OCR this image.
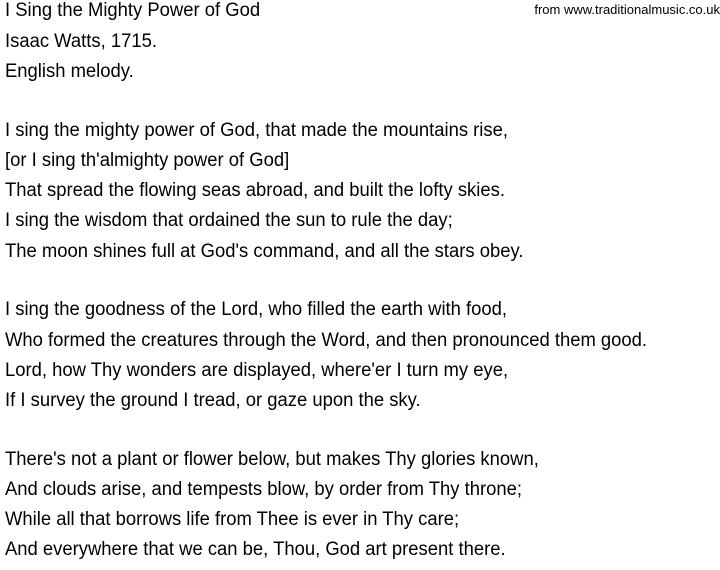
I Sing the Mighty Power of God	from www.traditionalmusic.co.uk
Isaac Watts, 1715.
English melody.
I sing the mighty power of God, that made the mountains rise,
[or I sing th'almighty power of God]
That spread the flowing seas abroad, and built the lofty skies.
I sing the wisdom that ordained the sun to rule the day;
The moon shines full at God's command, and all the stars obey.
I sing the goodness of the Lord, who filled the earth with food,
Who formed the creatures through the Word, and then pronounced them good.
Lord, how Thy wonders are displayed, where'er I turn my eye,
If I survey the ground I tread, or gaze upon the sky.
There's not a plant or flower below, but makes Thy glories known,
And clouds arise, and tempests blow, by order from Thy throne;
While all that borrows life from Thee is ever in Thy care;
And everywhere that we can be, Thou, God art present there.
